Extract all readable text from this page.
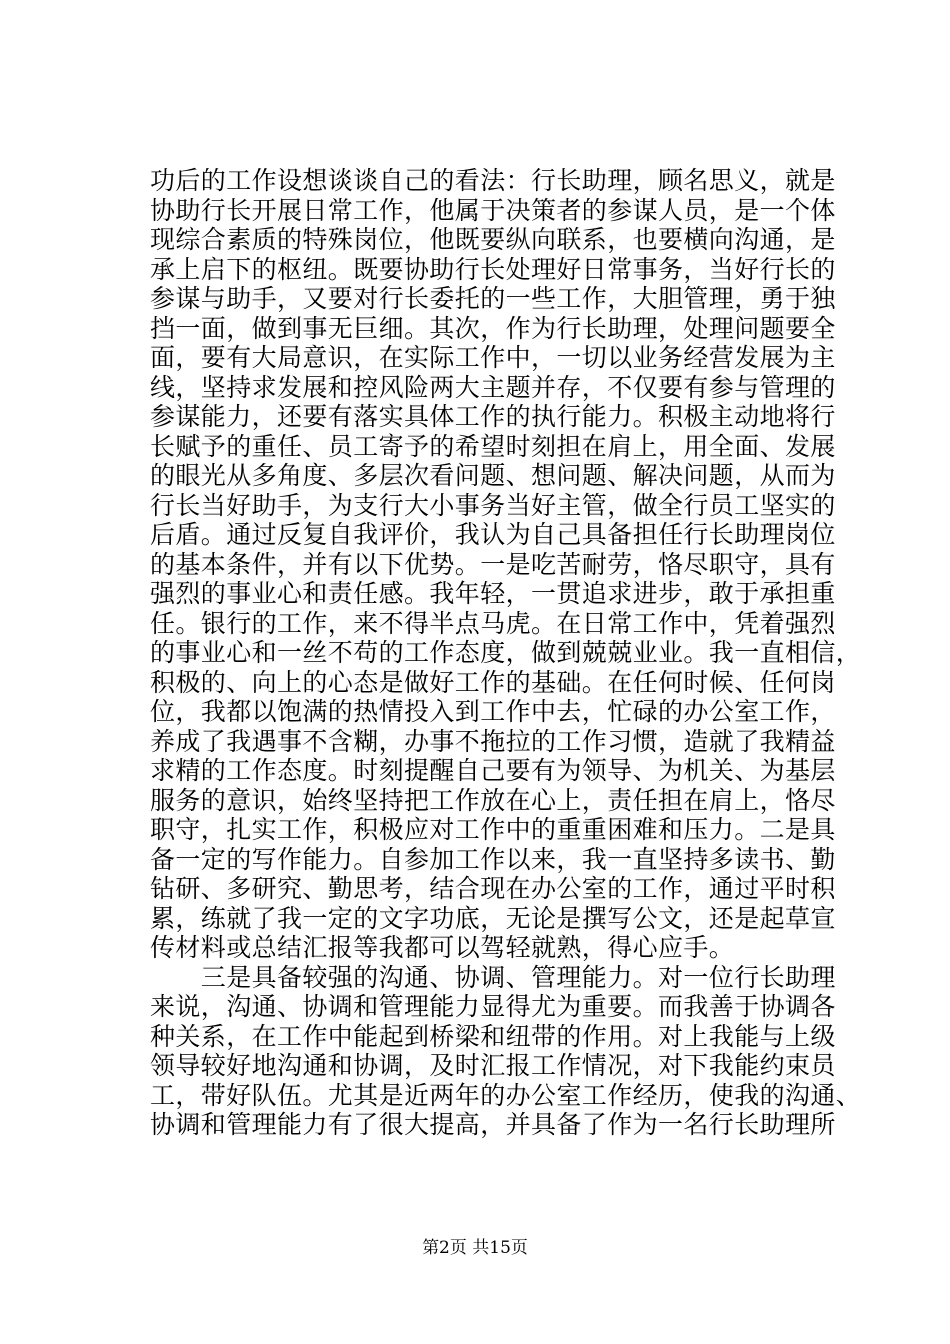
功后的工作设想谈谈自己的看法：行长助理，顾名思义，就是
协助行长开展日常工作，他属于决策者的参谋人员，是一个体
现综合素质的特殊岗位，他既要纵向联系，也要横向沟通，是
承上启下的枢纽。既要协助行长处理好日常事务，当好行长的
参谋与助手，又要对行长委托的一些工作，大胆管理，勇于独
挡一面，做到事无巨细。其次，作为行长助理，处理问题要全
面，要有大局意识，在实际工作中，一切以业务经营发展为主
线，坚持求发展和控风险两大主题并存，不仅要有参与管理的
参谋能力，还要有落实具体工作的执行能力。积极主动地将行
长赋予的重任、员工寄予的希望时刻担在肩上，用全面、发展
的眼光从多角度、多层次看问题、想问题、解决问题，从而为
行长当好助手，为支行大小事务当好主管，做全行员工坚实的
后盾。通过反复自我评价，我认为自己具备担任行长助理岗位
的基本条件，并有以下优势。一是吃苦耐劳，恪尽职守，具有
强烈的事业心和责任感。我年轻，一贯追求进步，敢于承担重
任。银行的工作，来不得半点马虎。在日常工作中，凭着强烈
的事业心和一丝不苟的工作态度，做到兢兢业业。我一直相信，
积极的、向上的心态是做好工作的基础。在任何时候、任何岗
位，我都以饱满的热情投入到工作中去，忙碌的办公室工作，
养成了我遇事不含糊，办事不拖拉的工作习惯，造就了我精益
求精的工作态度。时刻提醒自己要有为领导、为机关、为基层
服务的意识，始终坚持把工作放在心上，责任担在肩上，恪尽
职守，扎实工作，积极应对工作中的重重困难和压力。二是具
备一定的写作能力。自参加工作以来，我一直坚持多读书、勤
钻研、多研究、勤思考，结合现在办公室的工作，通过平时积
累，练就了我一定的文字功底，无论是撰写公文，还是起草宣
传材料或总结汇报等我都可以驾轻就熟，得心应手。
　　三是具备较强的沟通、协调、管理能力。对一位行长助理
来说，沟通、协调和管理能力显得尤为重要。而我善于协调各
种关系，在工作中能起到桥梁和纽带的作用。对上我能与上级
领导较好地沟通和协调，及时汇报工作情况，对下我能约束员
工，带好队伍。尤其是近两年的办公室工作经历，使我的沟通、
协调和管理能力有了很大提高，并具备了作为一名行长助理所
第2页 共15页
